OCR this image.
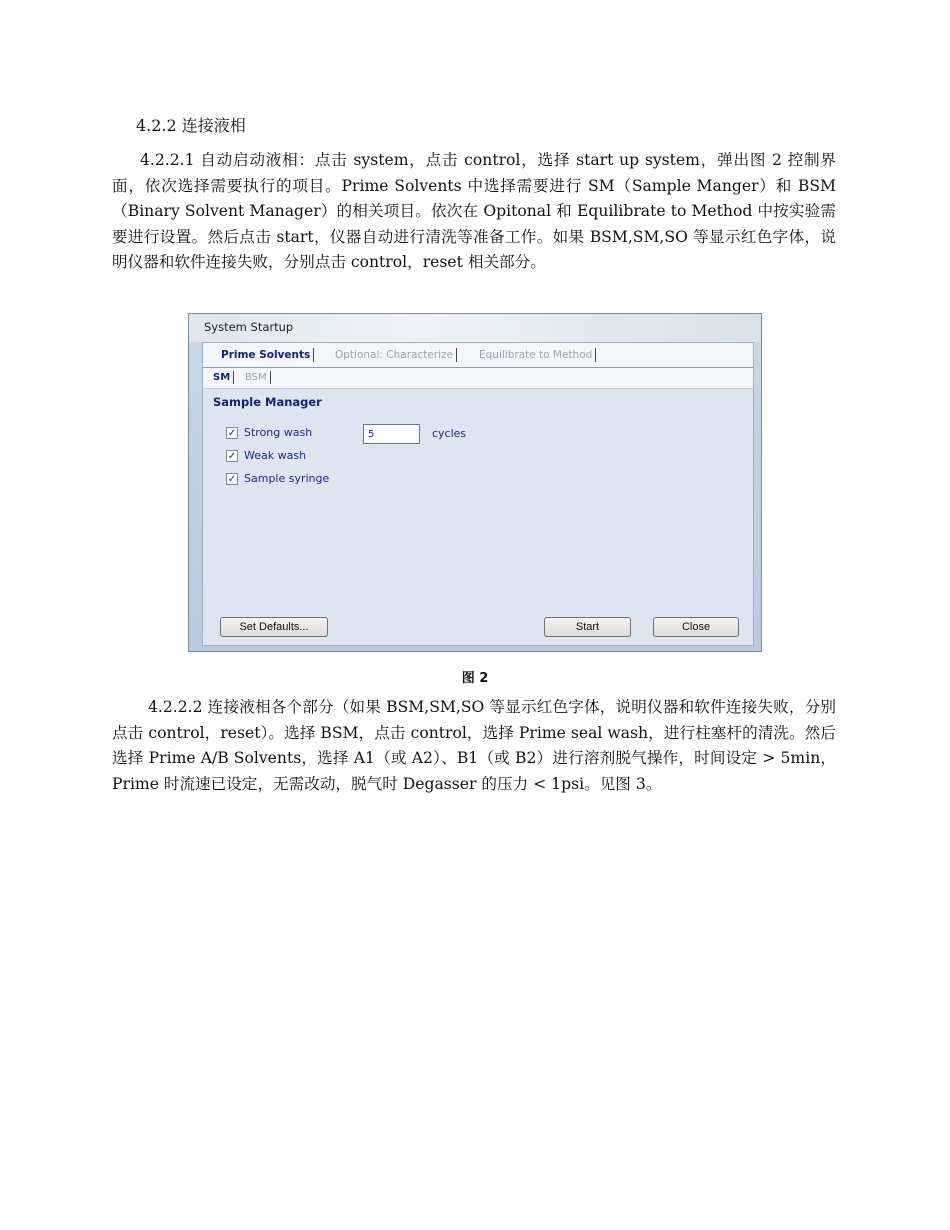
4.2.2 连接液相
4.2.2.1 自动启动液相：点击 system，点击 control，选择 start up system，弹出图 2 控制界面，依次选择需要执行的项目。Prime Solvents 中选择需要进行 SM（Sample Manger）和 BSM（Binary Solvent Manager）的相关项目。依次在 Opitonal 和 Equilibrate to Method 中按实验需要进行设置。然后点击 start，仪器自动进行清洗等准备工作。如果 BSM,SM,SO 等显示红色字体，说明仪器和软件连接失败，分别点击 control，reset 相关部分。
System Startup
Prime Solvents	Optional: Characterize	Equilibrate to Method
SM	BSM
Sample Manager
✓ Strong wash
5	cycles
✓ Weak wash
✓ Sample syringe
Set Defaults...	Start	Close
图 2
4.2.2.2 连接液相各个部分（如果 BSM,SM,SO 等显示红色字体，说明仪器和软件连接失败，分别点击 control，reset）。选择 BSM，点击 control，选择 Prime seal wash，进行柱塞杆的清洗。然后选择 Prime A/B Solvents，选择 A1（或 A2）、B1（或 B2）进行溶剂脱气操作，时间设定 > 5min，Prime 时流速已设定，无需改动，脱气时 Degasser 的压力 < 1psi。见图 3。
